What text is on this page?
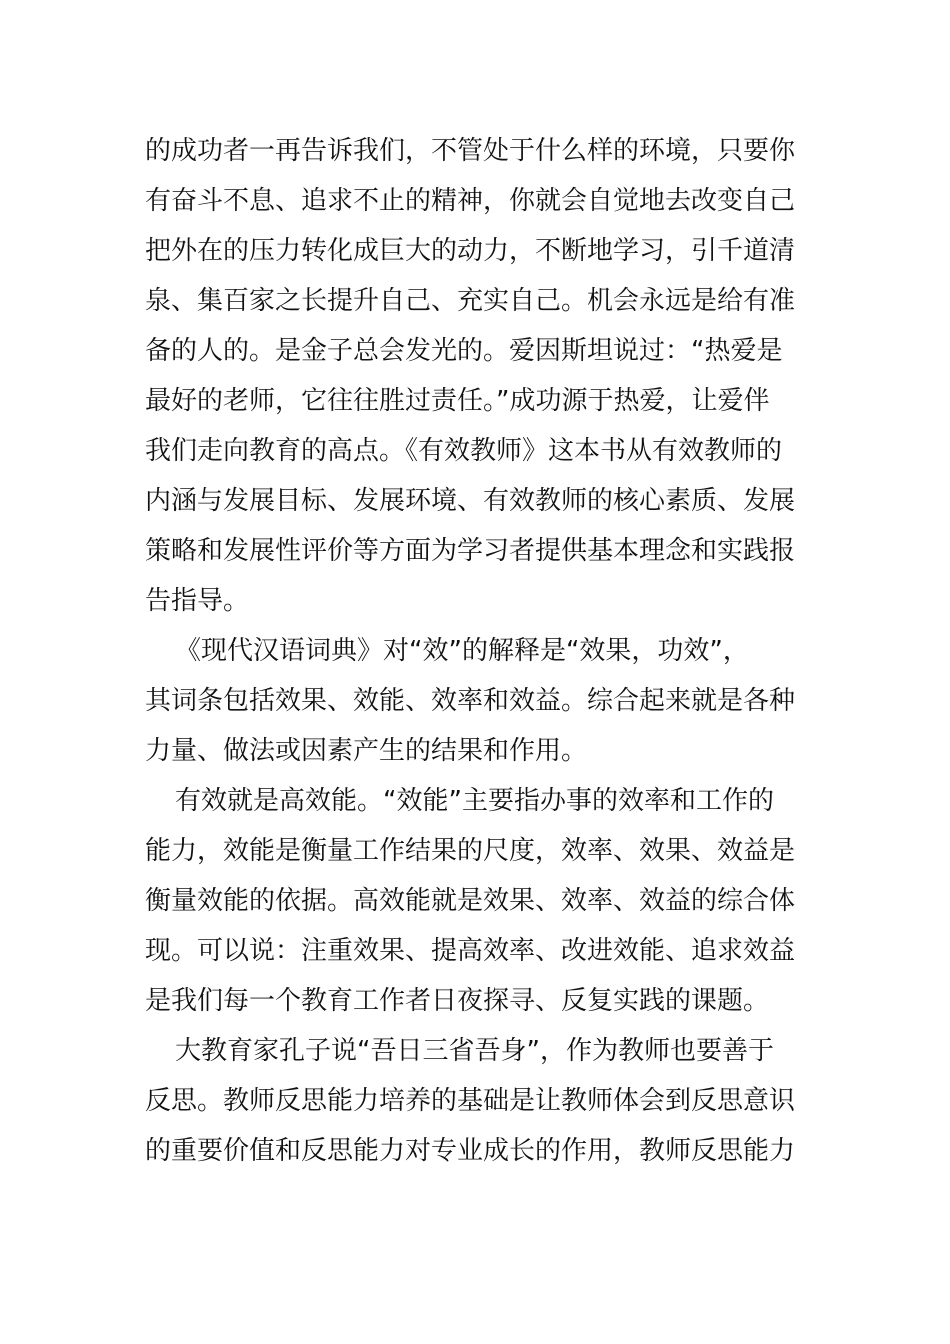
的成功者一再告诉我们，不管处于什么样的环境，只要你
有奋斗不息、追求不止的精神，你就会自觉地去改变自己
把外在的压力转化成巨大的动力，不断地学习，引千道清
泉、集百家之长提升自己、充实自己。机会永远是给有准
备的人的。是金子总会发光的。爱因斯坦说过：“热爱是
最好的老师，它往往胜过责任。”成功源于热爱，让爱伴
我们走向教育的高点。《有效教师》这本书从有效教师的
内涵与发展目标、发展环境、有效教师的核心素质、发展
策略和发展性评价等方面为学习者提供基本理念和实践报
告指导。
《现代汉语词典》对“效”的解释是“效果，功效”，
其词条包括效果、效能、效率和效益。综合起来就是各种
力量、做法或因素产生的结果和作用。
有效就是高效能。“效能”主要指办事的效率和工作的
能力，效能是衡量工作结果的尺度，效率、效果、效益是
衡量效能的依据。高效能就是效果、效率、效益的综合体
现。可以说：注重效果、提高效率、改进效能、追求效益
是我们每一个教育工作者日夜探寻、反复实践的课题。
大教育家孔子说“吾日三省吾身”，作为教师也要善于
反思。教师反思能力培养的基础是让教师体会到反思意识
的重要价值和反思能力对专业成长的作用，教师反思能力
